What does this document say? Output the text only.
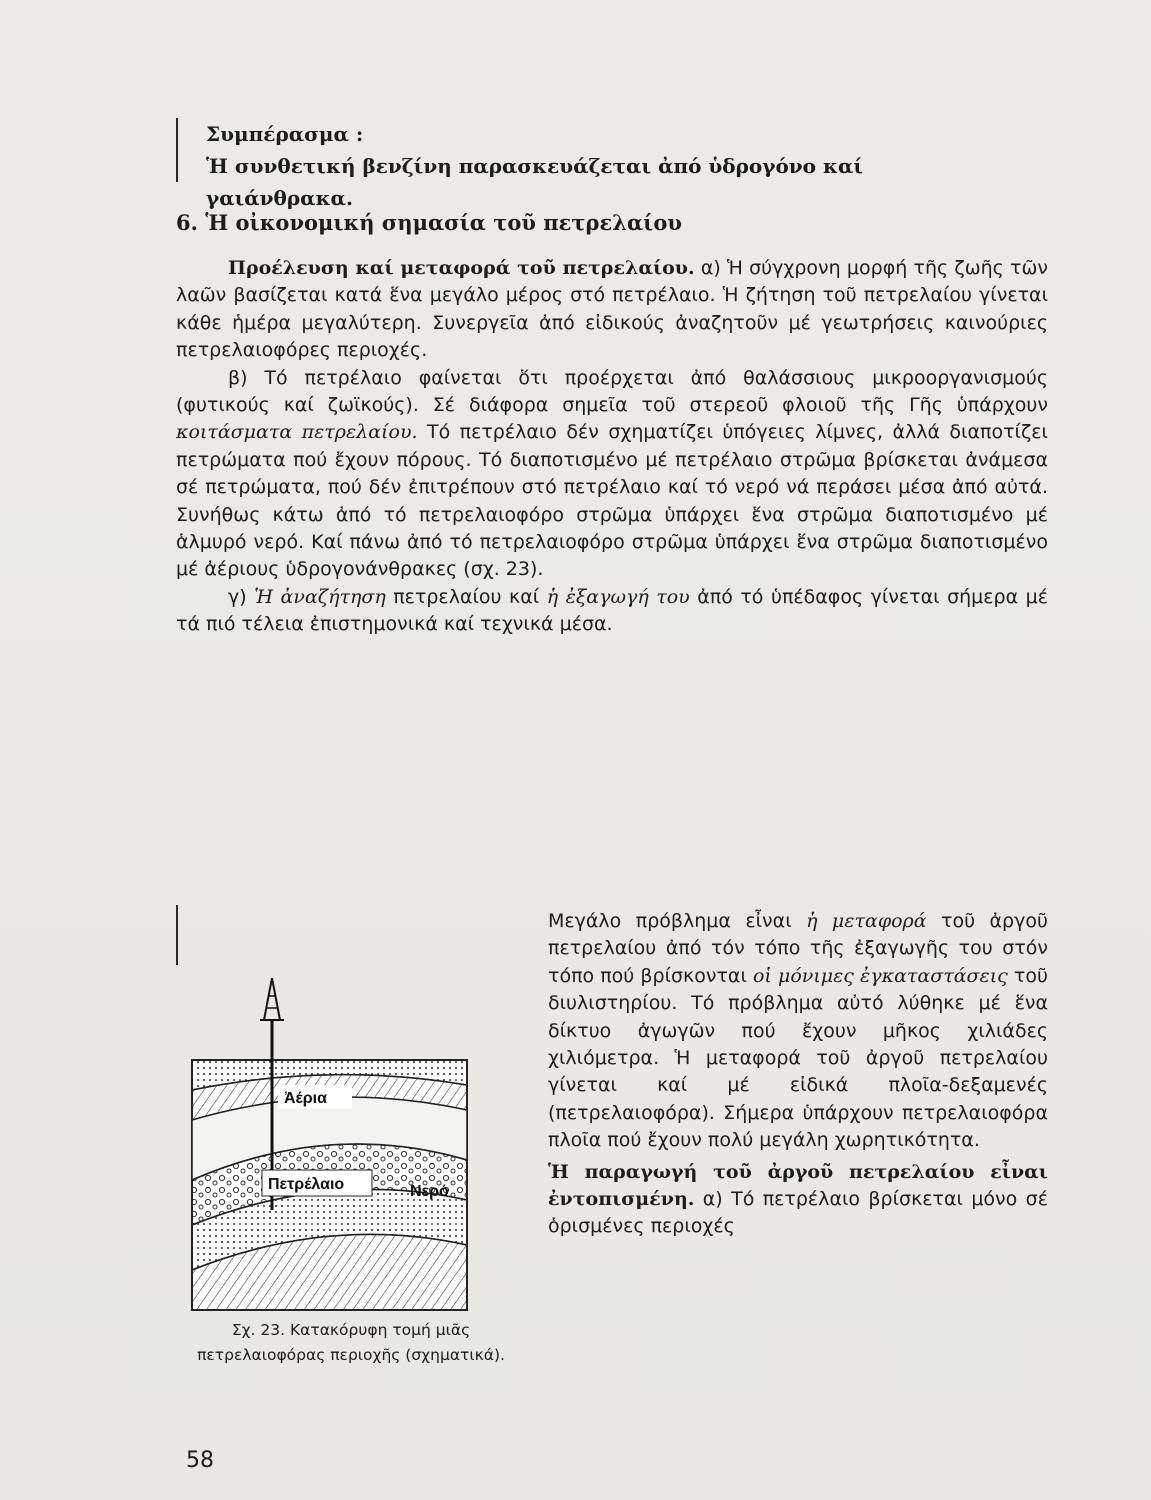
Συμπέρασμα :
Ἡ συνθετική βενζίνη παρασκευάζεται ἀπό ὑδρογόνο καί γαιάνθρακα.
6. Ἡ οἰκονομική σημασία τοῦ πετρελαίου

Προέλευση καί μεταφορά τοῦ πετρελαίου. α) Ἡ σύγχρονη μορφή τῆς ζωῆς τῶν λαῶν βασίζεται κατά ἕνα μεγάλο μέρος στό πετρέλαιο. Ἡ ζήτηση τοῦ πετρελαίου γίνεται κάθε ἡμέρα μεγαλύτερη. Συνεργεῖα ἀπό εἰδικούς ἀναζητοῦν μέ γεωτρήσεις καινούριες πετρελαιοφόρες περιοχές.

β) Τό πετρέλαιο φαίνεται ὅτι προέρχεται ἀπό θαλάσσιους μικροοργανισμούς (φυτικούς καί ζωϊκούς). Σέ διάφορα σημεῖα τοῦ στερεοῦ φλοιοῦ τῆς Γῆς ὑπάρχουν κοιτάσματα πετρελαίου. Τό πετρέλαιο δέν σχηματίζει ὑπόγειες λίμνες, ἀλλά διαποτίζει πετρώματα πού ἔχουν πόρους. Τό διαποτισμένο μέ πετρέλαιο στρῶμα βρίσκεται ἀνάμεσα σέ πετρώματα, πού δέν ἐπιτρέπουν στό πετρέλαιο καί τό νερό νά περάσει μέσα ἀπό αὐτά. Συνήθως κάτω ἀπό τό πετρελαιοφόρο στρῶμα ὑπάρχει ἕνα στρῶμα διαποτισμένο μέ ἁλμυρό νερό. Καί πάνω ἀπό τό πετρελαιοφόρο στρῶμα ὑπάρχει ἕνα στρῶμα διαποτισμένο μέ ἀέριους ὑδρογονάνθρακες (σχ. 23).

γ) Ἡ ἀναζήτηση πετρελαίου καί ἡ ἐξαγωγή του ἀπό τό ὑπέδαφος γίνεται σήμερα μέ τά πιό τέλεια ἐπιστημονικά καί τεχνικά μέσα.

Μεγάλο πρόβλημα εἶναι ἡ μεταφορά τοῦ ἀργοῦ πετρελαίου ἀπό τόν τόπο τῆς ἐξαγωγῆς του στόν τόπο πού βρίσκονται οἱ μόνιμες ἐγκαταστάσεις τοῦ διυλιστηρίου. Τό πρόβλημα αὐτό λύθηκε μέ ἕνα δίκτυο ἀγωγῶν πού ἔχουν μῆκος χιλιάδες χιλιόμετρα. Ἡ μεταφορά τοῦ ἀργοῦ πετρελαίου γίνεται καί μέ εἰδικά πλοῖα-δεξαμενές (πετρελαιοφόρα). Σήμερα ὑπάρχουν πετρελαιοφόρα πλοῖα πού ἔχουν πολύ μεγάλη χωρητικότητα.

Ἡ παραγωγή τοῦ ἀργοῦ πετρελαίου εἶναι ἐντοπισμένη. α) Τό πετρέλαιο βρίσκεται μόνο σέ ὁρισμένες περιοχές

Ἀέρια
Πετρέλαιο	Νερό
Σχ. 23. Κατακόρυφη τομή μιᾶς πετρελαιοφόρας περιοχῆς (σχηματικά).
58
